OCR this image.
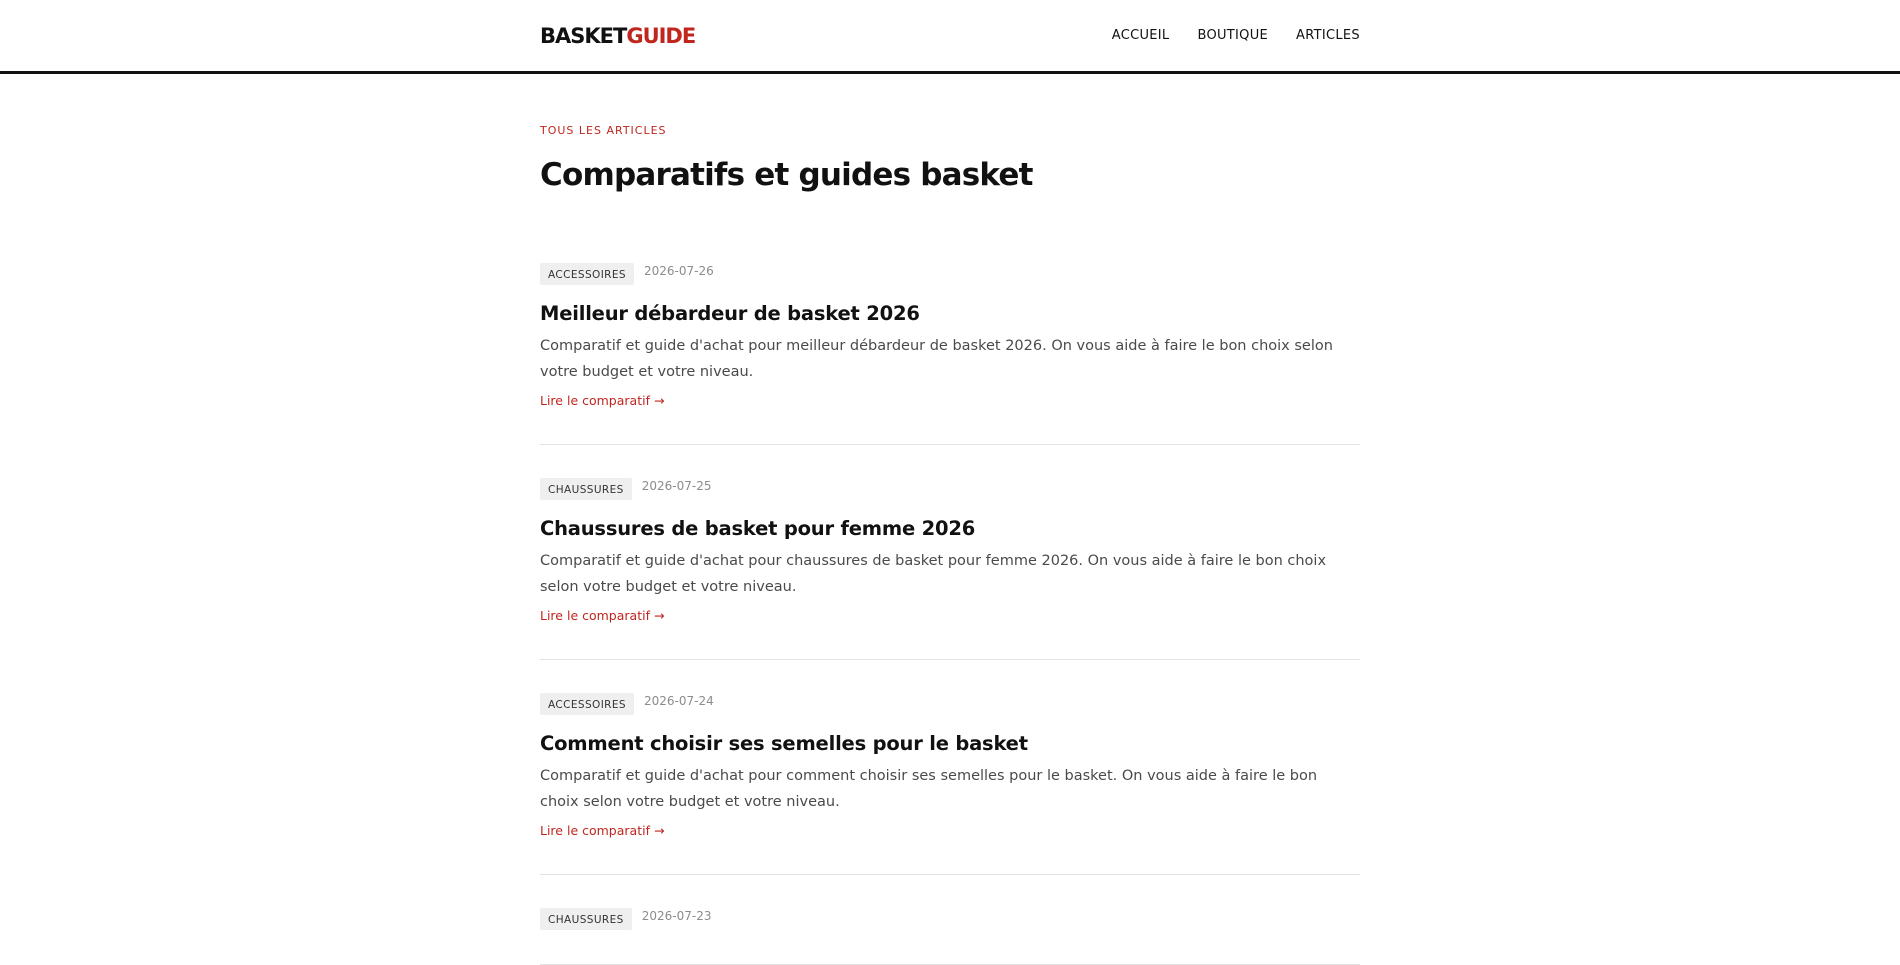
BASKETGUIDE	ACCUEIL BOUTIQUE ARTICLES
TOUS LES ARTICLES
Comparatifs et guides basket
ACCESSOIRES	2026-07-26
Meilleur débardeur de basket 2026

Comparatif et guide d'achat pour meilleur débardeur de basket 2026. On vous aide à faire le bon choix selon votre budget et votre niveau.

Lire le comparatif →
CHAUSSURES	2026-07-25
Chaussures de basket pour femme 2026

Comparatif et guide d'achat pour chaussures de basket pour femme 2026. On vous aide à faire le bon choix selon votre budget et votre niveau.

Lire le comparatif →
ACCESSOIRES	2026-07-24
Comment choisir ses semelles pour le basket

Comparatif et guide d'achat pour comment choisir ses semelles pour le basket. On vous aide à faire le bon choix selon votre budget et votre niveau.

Lire le comparatif →
CHAUSSURES	2026-07-23
